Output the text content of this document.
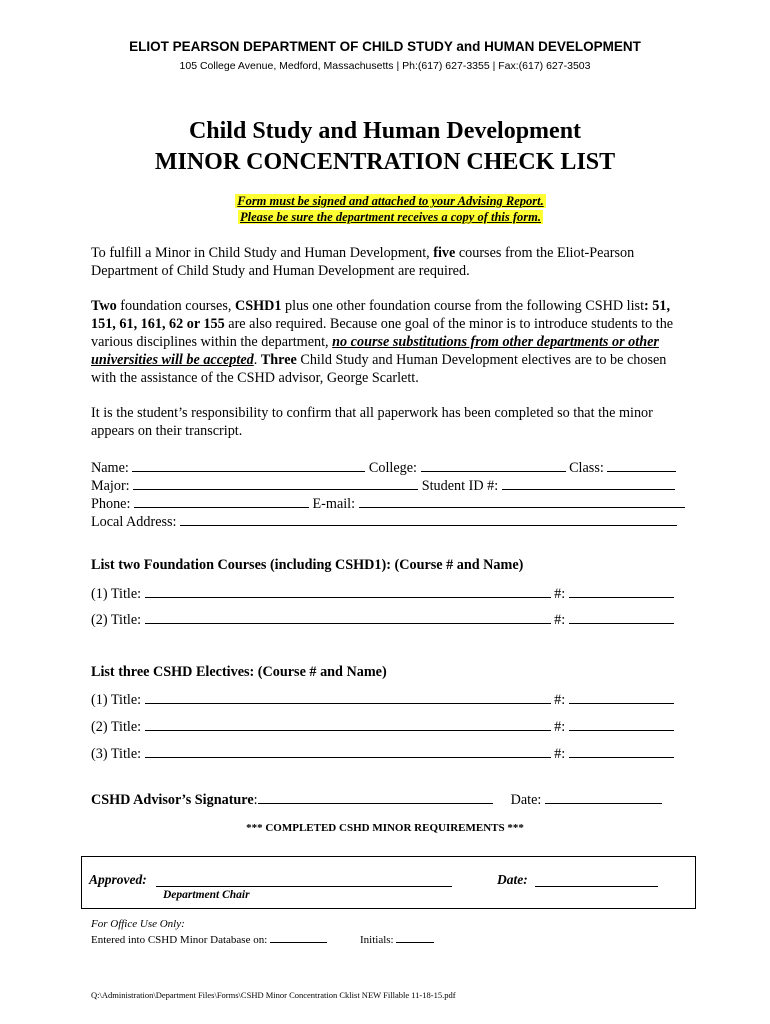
ELIOT PEARSON DEPARTMENT OF CHILD STUDY and HUMAN DEVELOPMENT
105 College Avenue, Medford, Massachusetts | Ph:(617) 627-3355 | Fax:(617) 627-3503
Child Study and Human Development
MINOR CONCENTRATION CHECK LIST
Form must be signed and attached to your Advising Report.
Please be sure the department receives a copy of this form.
To fulfill a Minor in Child Study and Human Development, five courses from the Eliot-Pearson Department of Child Study and Human Development are required.
Two foundation courses, CSHD1 plus one other foundation course from the following CSHD list: 51, 151, 61, 161, 62 or 155 are also required. Because one goal of the minor is to introduce students to the various disciplines within the department, no course substitutions from other departments or other universities will be accepted. Three Child Study and Human Development electives are to be chosen with the assistance of the CSHD advisor, George Scarlett.
It is the student’s responsibility to confirm that all paperwork has been completed so that the minor appears on their transcript.
Name:	College:	Class:
Major:	Student ID #:
Phone:	E-mail:
Local Address:
List two Foundation Courses (including CSHD1): (Course # and Name)
(1) Title:	#:
(2) Title:	#:
List three CSHD Electives: (Course # and Name)
(1) Title:	#:
(2) Title:	#:
(3) Title:	#:
CSHD Advisor’s Signature:	Date:
*** COMPLETED CSHD MINOR REQUIREMENTS ***
Approved:
Department Chair
Date:
For Office Use Only:
Entered into CSHD Minor Database on:	Initials:
Q:\Administration\Department Files\Forms\CSHD Minor Concentration Cklist NEW Fillable 11-18-15.pdf
